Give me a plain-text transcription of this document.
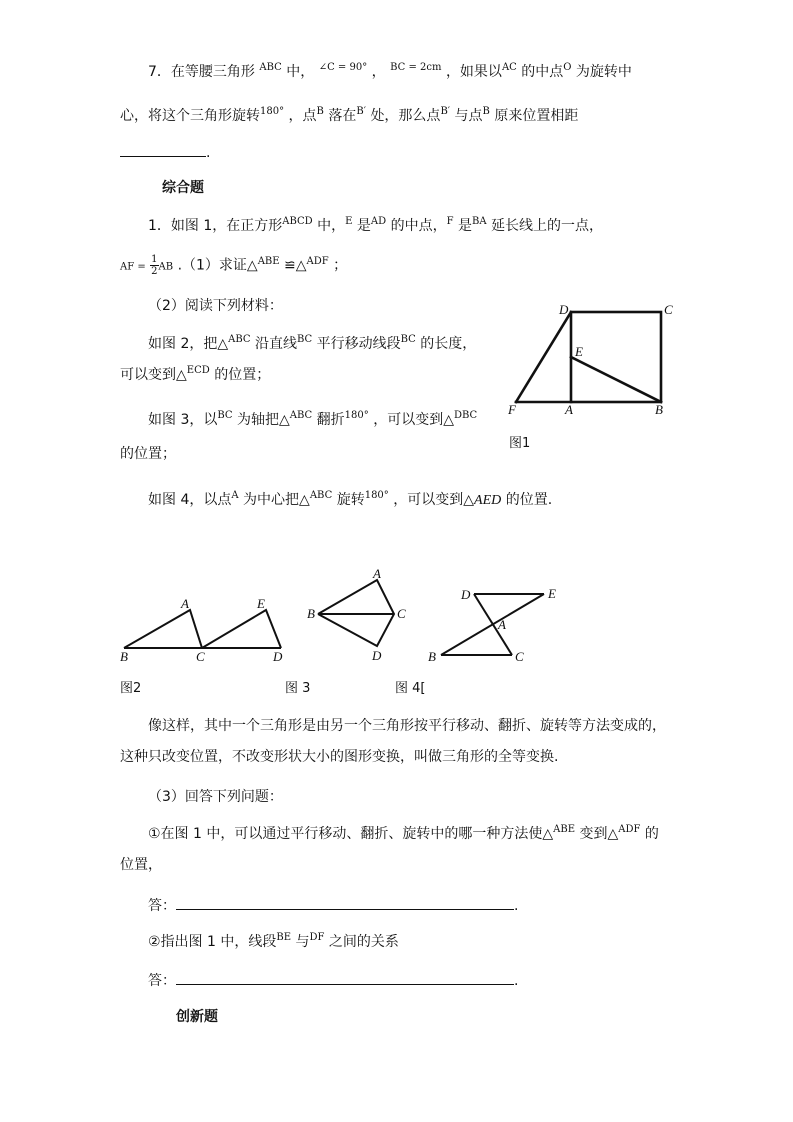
7．在等腰三角形 $^{ABC}$ 中， $^{\angle C = 90^\circ}$ ， $^{BC = 2cm}$ ，如果以$^{AC}$ 的中点$^O$ 为旋转中
心，将这个三角形旋转$^{180^\circ}$ ，点$^B$ 落在$^{B'}$ 处，那么点$^{B'}$ 与点$^B$ 原来位置相距
.
综合题
1．如图 1，在正方形$^{ABCD}$ 中，$^E$ 是$^{AD}$ 的中点，$^F$ 是$^{BA}$ 延长线上的一点，
AF = $\frac{1}{2}$ AB .（1）求证△$^{ABE}$ ≌△$^{ADF}$ ；
（2）阅读下列材料：
如图 2，把△$^{ABC}$ 沿直线$^{BC}$ 平行移动线段$^{BC}$ 的长度，
可以变到△$^{ECD}$ 的位置；
如图 3，以$^{BC}$ 为轴把△$^{ABC}$ 翻折$^{180^\circ}$ ，可以变到△$^{DBC}$
的位置；
如图 4，以点$^A$ 为中心把△$^{ABC}$ 旋转$^{180^\circ}$ ，可以变到△AED 的位置.
D	C
E
F	A	B
图1
A	E
B	C	D
图2
A
B	C
D
图 3
D	E
A
B	C
图 4[
像这样，其中一个三角形是由另一个三角形按平行移动、翻折、旋转等方法变成的，
这种只改变位置，不改变形状大小的图形变换，叫做三角形的全等变换.
（3）回答下列问题：
①在图 1 中，可以通过平行移动、翻折、旋转中的哪一种方法使△$^{ABE}$ 变到△$^{ADF}$ 的
位置，
答：	.
②指出图 1 中，线段$^{BE}$ 与$^{DF}$ 之间的关系
答：	.
创新题
